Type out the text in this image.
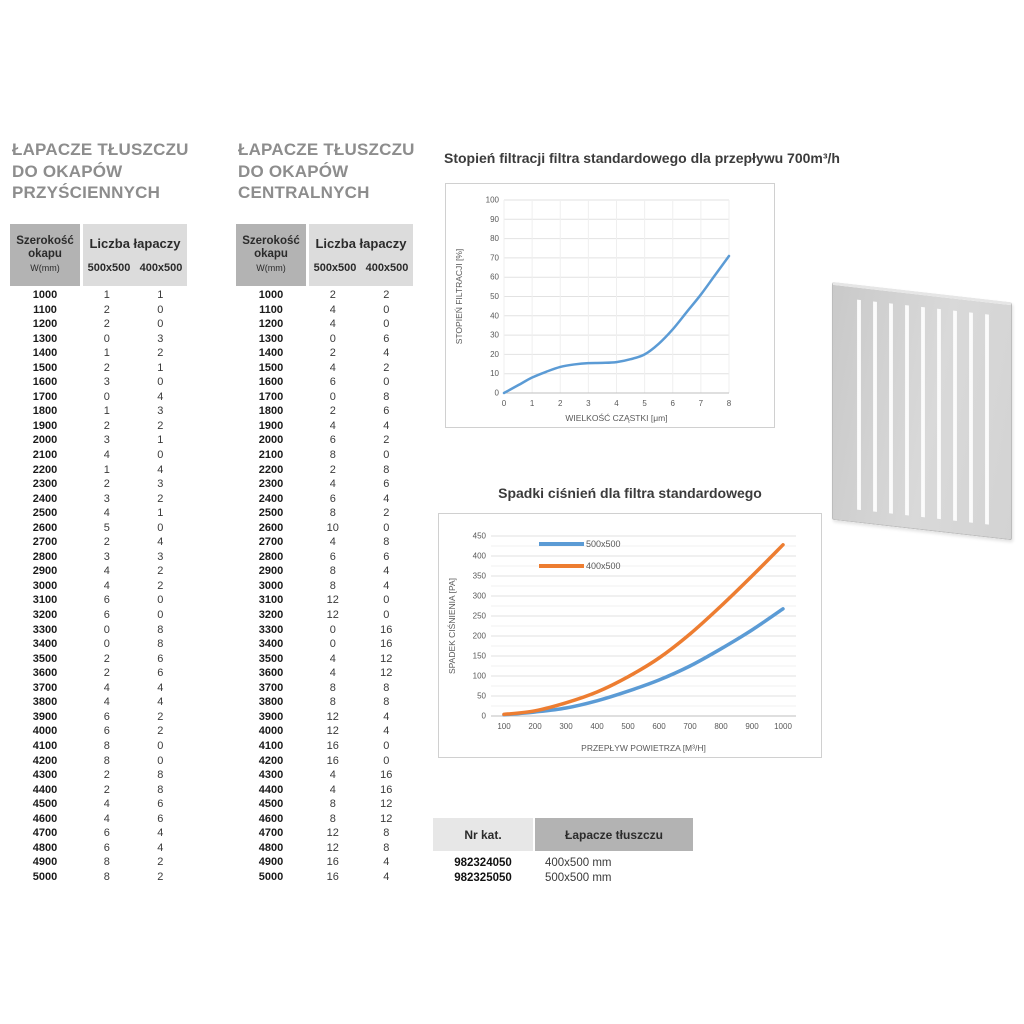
ŁAPACZE TŁUSZCZU
DO OKAPÓW
PRZYŚCIENNYCH
ŁAPACZE TŁUSZCZU
DO OKAPÓW
CENTRALNYCH
Szerokość
okapu
W(mm)
Liczba łapaczy
500x500 400x500
1000	1	1
1100	2	0
1200	2	0
1300	0	3
1400	1	2
1500	2	1
1600	3	0
1700	0	4
1800	1	3
1900	2	2
2000	3	1
2100	4	0
2200	1	4
2300	2	3
2400	3	2
2500	4	1
2600	5	0
2700	2	4
2800	3	3
2900	4	2
3000	4	2
3100	6	0
3200	6	0
3300	0	8
3400	0	8
3500	2	6
3600	2	6
3700	4	4
3800	4	4
3900	6	2
4000	6	2
4100	8	0
4200	8	0
4300	2	8
4400	2	8
4500	4	6
4600	4	6
4700	6	4
4800	6	4
4900	8	2
5000	8	2
Szerokość
okapu
W(mm)
Liczba łapaczy
500x500 400x500
1000	2	2
1100	4	0
1200	4	0
1300	0	6
1400	2	4
1500	4	2
1600	6	0
1700	0	8
1800	2	6
1900	4	4
2000	6	2
2100	8	0
2200	2	8
2300	4	6
2400	6	4
2500	8	2
2600	10	0
2700	4	8
2800	6	6
2900	8	4
3000	8	4
3100	12	0
3200	12	0
3300	0	16
3400	0	16
3500	4	12
3600	4	12
3700	8	8
3800	8	8
3900	12	4
4000	12	4
4100	16	0
4200	16	0
4300	4	16
4400	4	16
4500	8	12
4600	8	12
4700	12	8
4800	12	8
4900	16	4
5000	16	4
Stopień filtracji filtra standardowego dla przepływu 700m³/h
0
10
20
30
40
50
60
70
80
90
100
0	1	2	3	4	5	6	7	8
WIELKOŚĆ CZĄSTKI [μm]
STOPIEŃ FILTRACJI [%]
Spadki ciśnień dla filtra standardowego
0
50
100
150
200
250
300
350
400
450
100 200 300 400 500 600 700 800 900 1000
500x500
400x500
PRZEPŁYW POWIETRZA [M³/H]
SPADEK CIŚNIENIA [PA]
Nr kat.	Łapacze tłuszczu
982324050	400x500 mm
982325050	500x500 mm
